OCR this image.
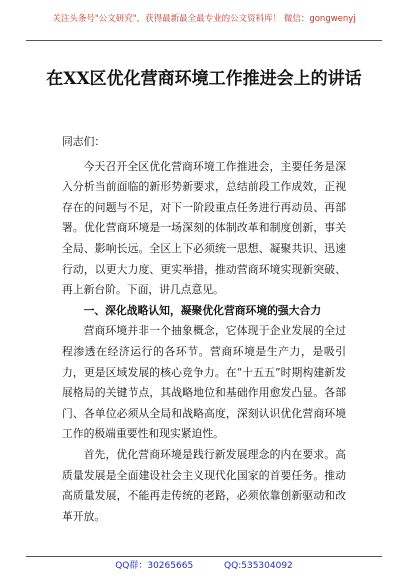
关注头条号"公文研究"，获得最新最全最专业的公文资料库！ 微信：gongwenyj
在XX区优化营商环境工作推进会上的讲话

同志们：

今天召开全区优化营商环境工作推进会，主要任务是深入分析当前面临的新形势新要求，总结前段工作成效，正视存在的问题与不足，对下一阶段重点任务进行再动员、再部署。优化营商环境是一场深刻的体制改革和制度创新，事关全局、影响长远。全区上下必须统一思想、凝聚共识、迅速行动，以更大力度、更实举措，推动营商环境实现新突破、再上新台阶。下面，讲几点意见。

一、深化战略认知，凝聚优化营商环境的强大合力

营商环境并非一个抽象概念，它体现于企业发展的全过程渗透在经济运行的各环节。营商环境是生产力，是吸引力，更是区域发展的核心竞争力。在“十五五”时期构建新发展格局的关键节点，其战略地位和基础作用愈发凸显。各部门、各单位必须从全局和战略高度，深刻认识优化营商环境工作的极端重要性和现实紧迫性。

首先，优化营商环境是践行新发展理念的内在要求。高质量发展是全面建设社会主义现代化国家的首要任务。推动高质量发展，不能再走传统的老路，必须依靠创新驱动和改革开放。

QQ群：30265665	QQ:535304092
